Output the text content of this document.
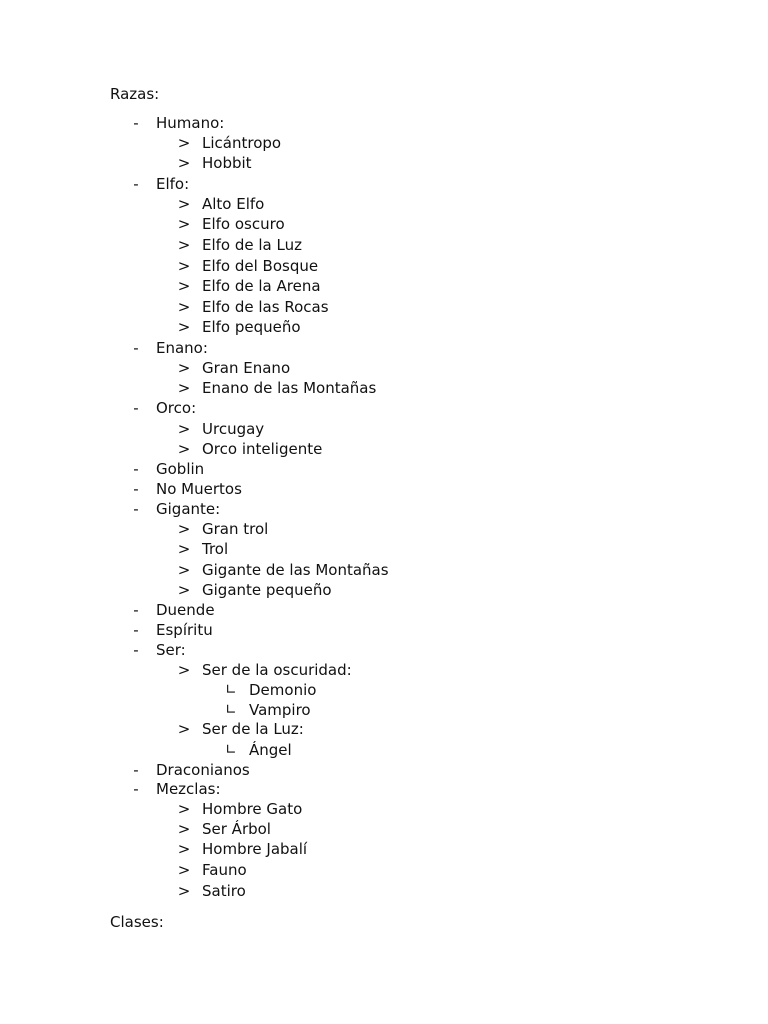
Razas:
-	Humano:
> Licántropo
> Hobbit
-	Elfo:
> Alto Elfo
> Elfo oscuro
> Elfo de la Luz
> Elfo del Bosque
> Elfo de la Arena
> Elfo de las Rocas
> Elfo pequeño
-	Enano:
> Gran Enano
> Enano de las Montañas
-	Orco:
> Urcugay
> Orco inteligente
-	Goblin
-	No Muertos
-	Gigante:
> Gran trol
> Trol
> Gigante de las Montañas
> Gigante pequeño
-	Duende
-	Espíritu
-	Ser:
> Ser de la oscuridad:
∟ Demonio
∟ Vampiro
> Ser de la Luz:
∟ Ángel
-	Draconianos
-	Mezclas:
> Hombre Gato
> Ser Árbol
> Hombre Jabalí
> Fauno
> Satiro
Clases:
